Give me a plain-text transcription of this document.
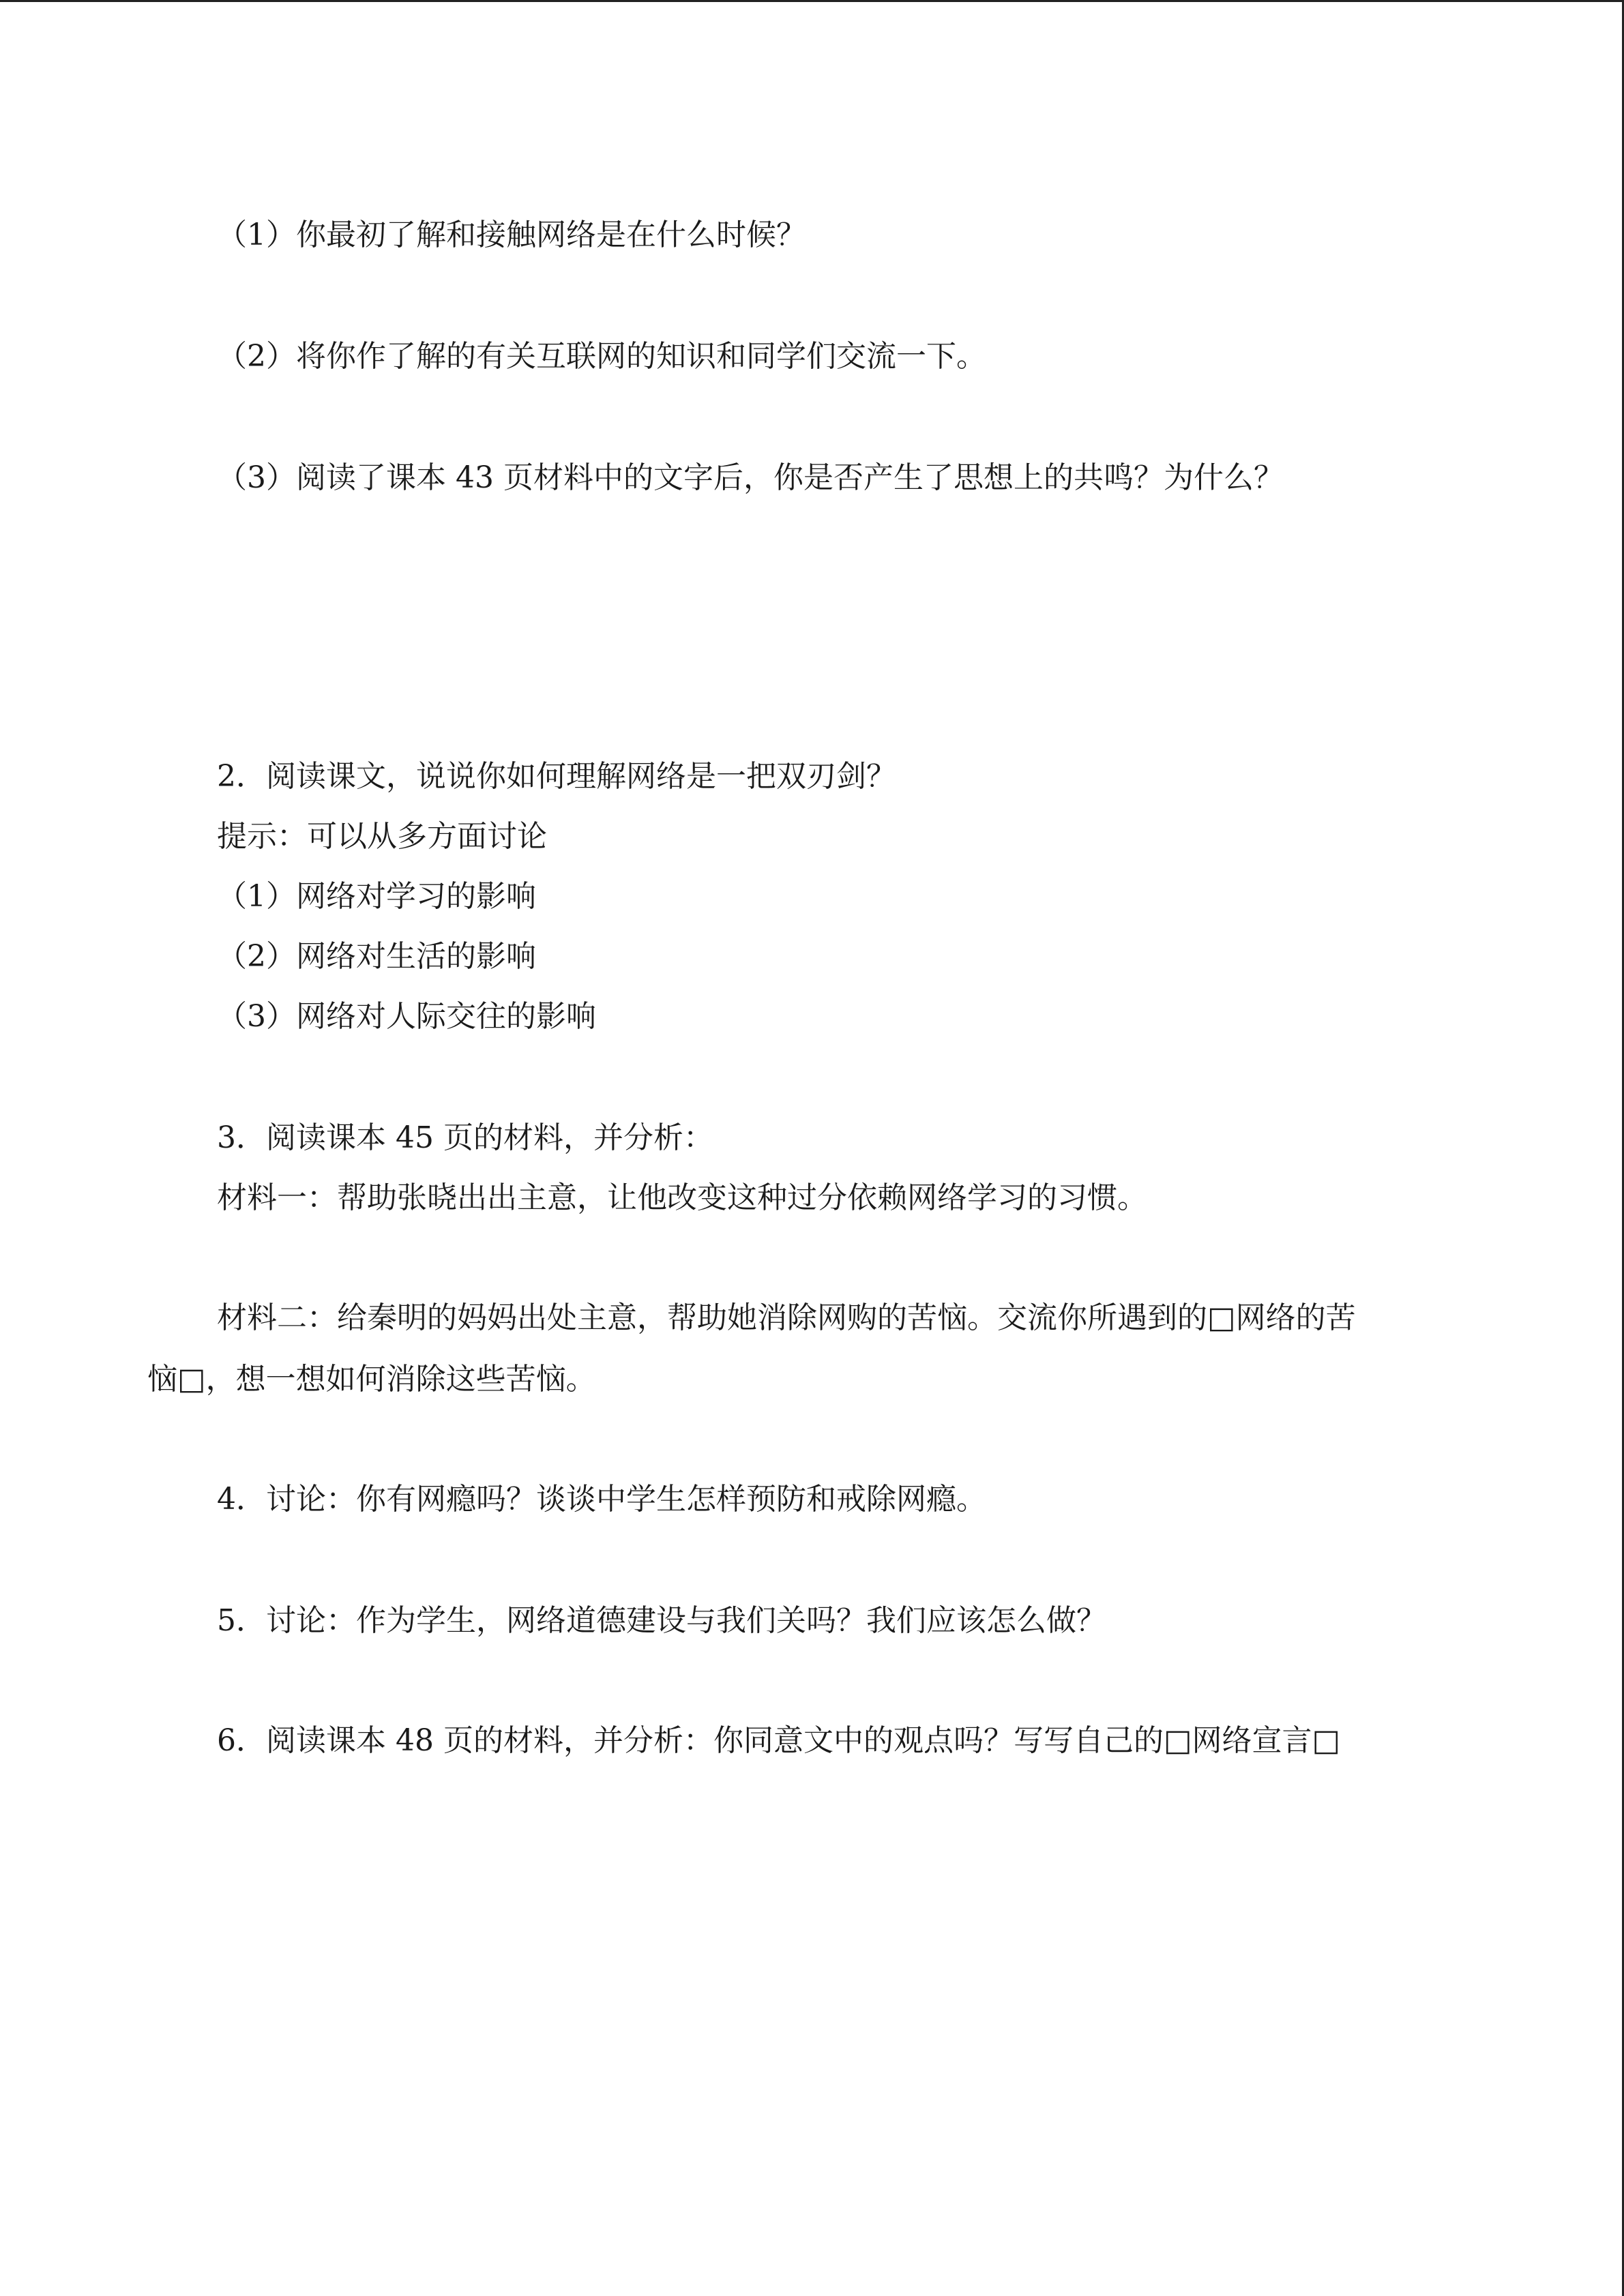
（1）你最初了解和接触网络是在什么时候？
（2）将你作了解的有关互联网的知识和同学们交流一下。
（3）阅读了课本 43 页材料中的文字后，你是否产生了思想上的共鸣？为什么？
2．阅读课文，说说你如何理解网络是一把双刃剑？
提示：可以从多方面讨论
（1）网络对学习的影响
（2）网络对生活的影响
（3）网络对人际交往的影响
3．阅读课本 45 页的材料，并分析：
材料一：帮助张晓出出主意，让他改变这种过分依赖网络学习的习惯。
材料二：给秦明的妈妈出处主意，帮助她消除网购的苦恼。交流你所遇到的□网络的苦
恼□，想一想如何消除这些苦恼。
4．讨论：你有网瘾吗？谈谈中学生怎样预防和戒除网瘾。
5．讨论：作为学生，网络道德建设与我们关吗？我们应该怎么做？
6．阅读课本 48 页的材料，并分析：你同意文中的观点吗？写写自己的□网络宣言□
